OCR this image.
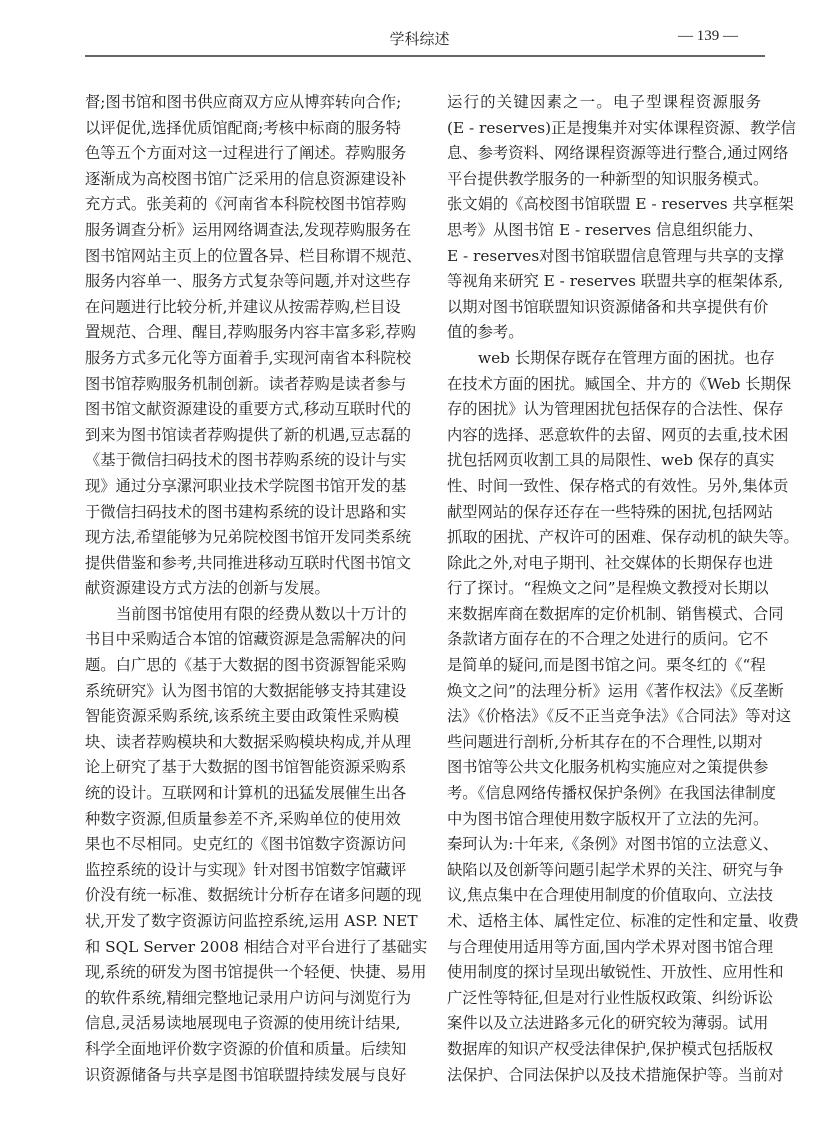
学科综述	— 139 —
督;图书馆和图书供应商双方应从博弈转向合作;
以评促优,选择优质馆配商;考核中标商的服务特
色等五个方面对这一过程进行了阐述。荐购服务
逐渐成为高校图书馆广泛采用的信息资源建设补
充方式。张美莉的《河南省本科院校图书馆荐购
服务调查分析》运用网络调查法,发现荐购服务在
图书馆网站主页上的位置各异、栏目称谓不规范、
服务内容单一、服务方式复杂等问题,并对这些存
在问题进行比较分析,并建议从按需荐购,栏目设
置规范、合理、醒目,荐购服务内容丰富多彩,荐购
服务方式多元化等方面着手,实现河南省本科院校
图书馆荐购服务机制创新。读者荐购是读者参与
图书馆文献资源建设的重要方式,移动互联时代的
到来为图书馆读者荐购提供了新的机遇,豆志磊的
《基于微信扫码技术的图书荐购系统的设计与实
现》通过分享漯河职业技术学院图书馆开发的基
于微信扫码技术的图书建构系统的设计思路和实
现方法,希望能够为兄弟院校图书馆开发同类系统
提供借鉴和参考,共同推进移动互联时代图书馆文
献资源建设方式方法的创新与发展。
当前图书馆使用有限的经费从数以十万计的
书目中采购适合本馆的馆藏资源是急需解决的问
题。白广思的《基于大数据的图书资源智能采购
系统研究》认为图书馆的大数据能够支持其建设
智能资源采购系统,该系统主要由政策性采购模
块、读者荐购模块和大数据采购模块构成,并从理
论上研究了基于大数据的图书馆智能资源采购系
统的设计。互联网和计算机的迅猛发展催生出各
种数字资源,但质量参差不齐,采购单位的使用效
果也不尽相同。史克红的《图书馆数字资源访问
监控系统的设计与实现》针对图书馆数字馆藏评
价没有统一标准、数据统计分析存在诸多问题的现
状,开发了数字资源访问监控系统,运用 ASP. NET
和 SQL Server 2008 相结合对平台进行了基础实
现,系统的研发为图书馆提供一个轻便、快捷、易用
的软件系统,精细完整地记录用户访问与浏览行为
信息,灵活易读地展现电子资源的使用统计结果,
科学全面地评价数字资源的价值和质量。后续知
识资源储备与共享是图书馆联盟持续发展与良好
运行的关键因素之一。电子型课程资源服务
(E - reserves)正是搜集并对实体课程资源、教学信
息、参考资料、网络课程资源等进行整合,通过网络
平台提供教学服务的一种新型的知识服务模式。
张文娟的《高校图书馆联盟 E - reserves 共享框架
思考》从图书馆 E - reserves 信息组织能力、
E - reserves对图书馆联盟信息管理与共享的支撑
等视角来研究 E - reserves 联盟共享的框架体系,
以期对图书馆联盟知识资源储备和共享提供有价
值的参考。
web 长期保存既存在管理方面的困扰。也存
在技术方面的困扰。臧国全、井方的《Web 长期保
存的困扰》认为管理困扰包括保存的合法性、保存
内容的选择、恶意软件的去留、网页的去重,技术困
扰包括网页收割工具的局限性、web 保存的真实
性、时间一致性、保存格式的有效性。另外,集体贡
献型网站的保存还存在一些特殊的困扰,包括网站
抓取的困扰、产权许可的困难、保存动机的缺失等。
除此之外,对电子期刊、社交媒体的长期保存也进
行了探讨。“程焕文之问”是程焕文教授对长期以
来数据库商在数据库的定价机制、销售模式、合同
条款诸方面存在的不合理之处进行的质问。它不
是简单的疑问,而是图书馆之问。栗冬红的《“程
焕文之问”的法理分析》运用《著作权法》《反垄断
法》《价格法》《反不正当竞争法》《合同法》等对这
些问题进行剖析,分析其存在的不合理性,以期对
图书馆等公共文化服务机构实施应对之策提供参
考。《信息网络传播权保护条例》在我国法律制度
中为图书馆合理使用数字版权开了立法的先河。
秦珂认为:十年来,《条例》对图书馆的立法意义、
缺陷以及创新等问题引起学术界的关注、研究与争
议,焦点集中在合理使用制度的价值取向、立法技
术、适格主体、属性定位、标准的定性和定量、收费
与合理使用适用等方面,国内学术界对图书馆合理
使用制度的探讨呈现出敏锐性、开放性、应用性和
广泛性等特征,但是对行业性版权政策、纠纷诉讼
案件以及立法进路多元化的研究较为薄弱。试用
数据库的知识产权受法律保护,保护模式包括版权
法保护、合同法保护以及技术措施保护等。当前对
